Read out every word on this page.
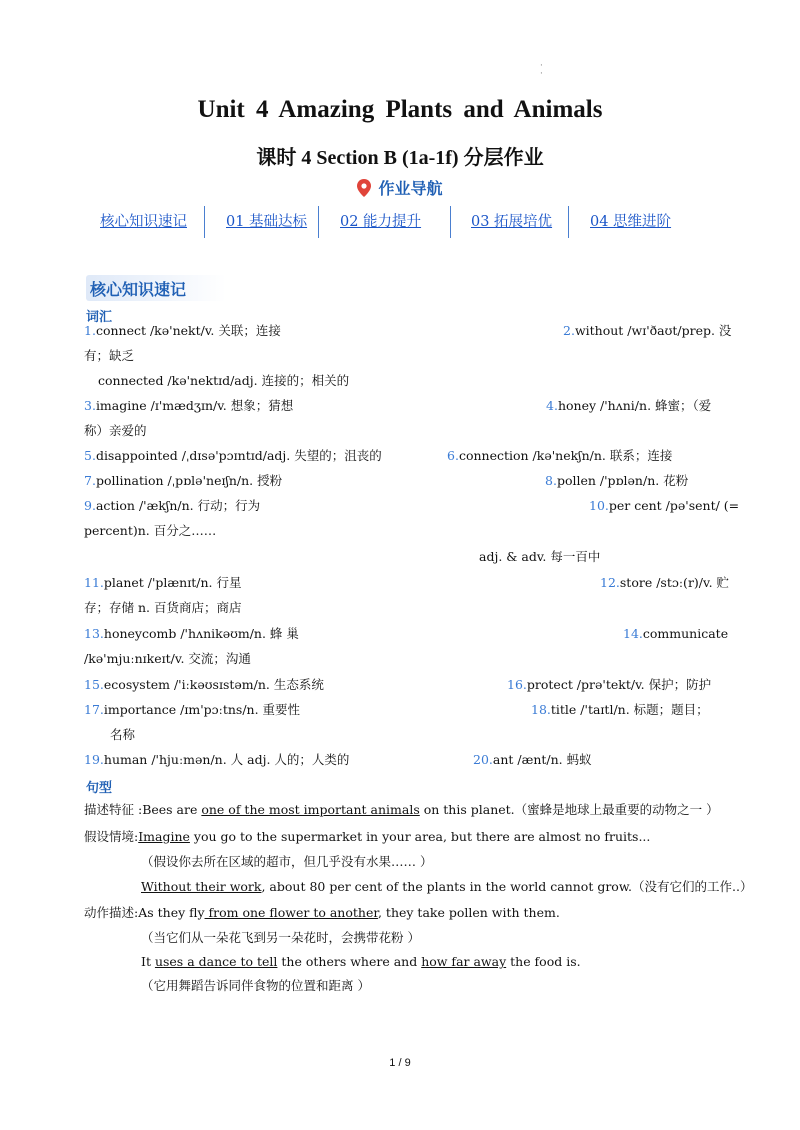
·
·
Unit 4 Amazing Plants and Animals
课时 4 Section B (1a-1f) 分层作业
作业导航
核心知识速记	01 基础达标 02 能力提升	03 拓展培优	04 思维进阶
核心知识速记
词汇
1.connect /kə'nekt/v. 关联；连接	2.without /wɪ'ðaʊt/prep. 没
有；缺乏
connected /kə'nektɪd/adj. 连接的；相关的
3.imagine /ɪ'mædʒɪn/v. 想象；猜想	4.honey /'hʌni/n. 蜂蜜；（爱
称）亲爱的
5.disappointed /ˌdɪsə'pɔɪntɪd/adj. 失望的；沮丧的	6.connection /kə'nekʃn/n. 联系；连接
7.pollination /ˌpɒlə'neɪʃn/n. 授粉	8.pollen /'pɒlən/n. 花粉
9.action /'ækʃn/n. 行动；行为	10.per cent /pə'sent/ (=
percent)n. 百分之……
adj. & adv. 每一百中
11.planet /'plænɪt/n. 行星	12.store /stɔː(r)/v. 贮
存；存储 n. 百货商店；商店
13.honeycomb /'hʌnikəʊm/n. 蜂 巢	14.communicate
/kə'mjuːnɪkeɪt/v. 交流；沟通
15.ecosystem /'iːkəʊsɪstəm/n. 生态系统	16.protect /prə'tekt/v. 保护；防护
17.importance /ɪm'pɔːtns/n. 重要性	18.title /'taɪtl/n. 标题；题目；
名称
19.human /'hjuːmən/n. 人 adj. 人的；人类的	20.ant /ænt/n. 蚂蚁
句型
描述特征 :Bees are one of the most important animals on this planet.（蜜蜂是地球上最重要的动物之一 ）
假设情境:Imagine you go to the supermarket in your area, but there are almost no fruits...
（假设你去所在区域的超市，但几乎没有水果…… ）
Without their work, about 80 per cent of the plants in the world cannot grow.（没有它们的工作..）
动作描述:As they fly from one flower to another, they take pollen with them.
（当它们从一朵花飞到另一朵花时，会携带花粉 ）
It uses a dance to tell the others where and how far away the food is.
（它用舞蹈告诉同伴食物的位置和距离 ）
1 / 9
